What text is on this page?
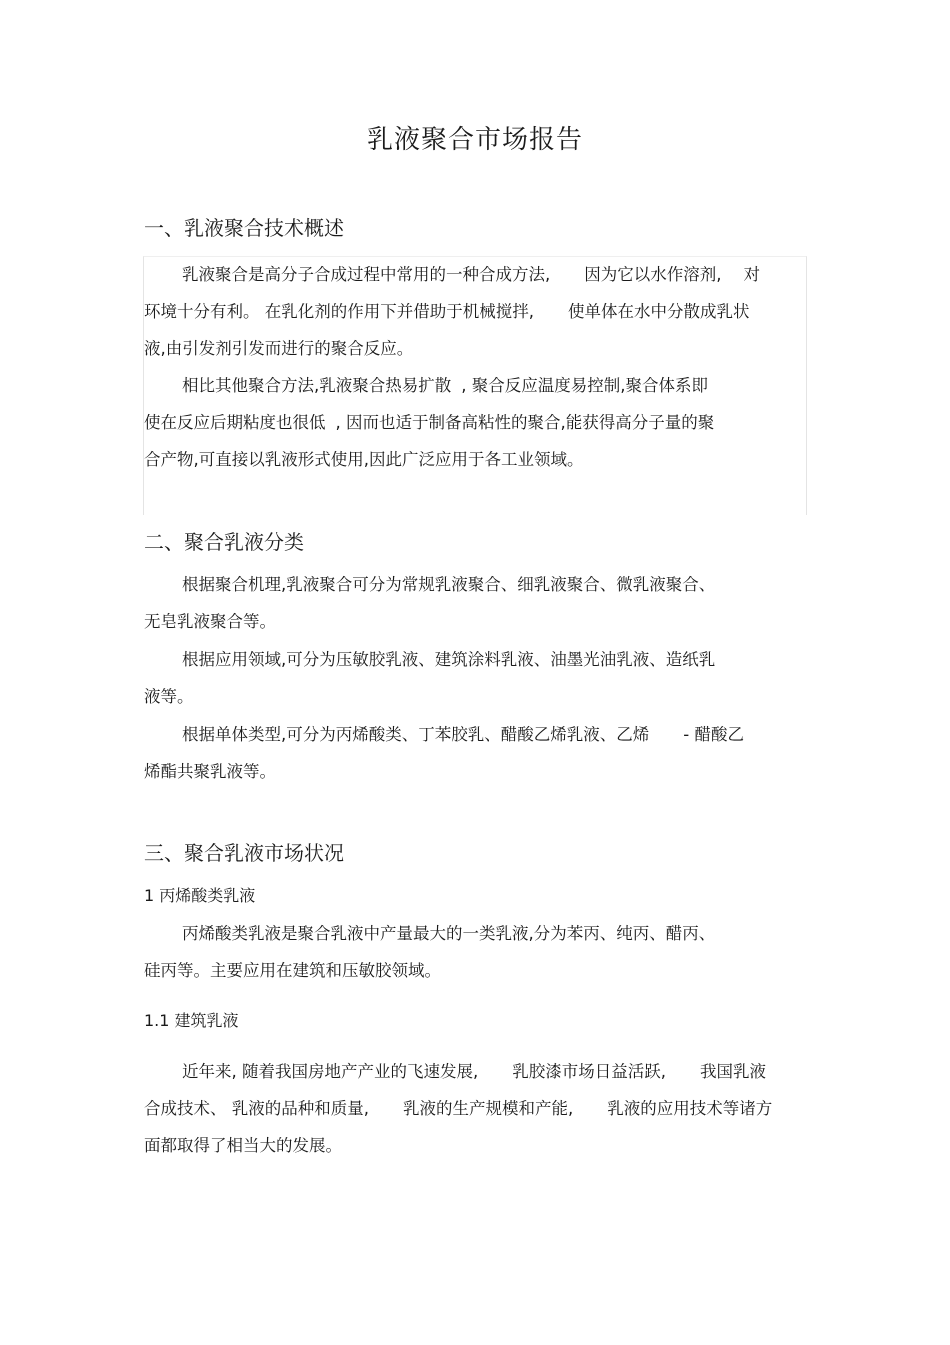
乳液聚合市场报告
一、乳液聚合技术概述
乳液聚合是高分子合成过程中常用的一种合成方法, 因为它以水作溶剂, 对
环境十分有利。 在乳化剂的作用下并借助于机械搅拌, 使单体在水中分散成乳状
液,由引发剂引发而进行的聚合反应。
相比其他聚合方法,乳液聚合热易扩散 , 聚合反应温度易控制,聚合体系即
使在反应后期粘度也很低 , 因而也适于制备高粘性的聚合,能获得高分子量的聚
合产物,可直接以乳液形式使用,因此广泛应用于各工业领域。
二、聚合乳液分类
根据聚合机理,乳液聚合可分为常规乳液聚合、细乳液聚合、微乳液聚合、
无皂乳液聚合等。
根据应用领域,可分为压敏胶乳液、建筑涂料乳液、油墨光油乳液、造纸乳
液等。
根据单体类型,可分为丙烯酸类、丁苯胶乳、醋酸乙烯乳液、乙烯 - 醋酸乙
烯酯共聚乳液等。
三、聚合乳液市场状况
1 丙烯酸类乳液
丙烯酸类乳液是聚合乳液中产量最大的一类乳液,分为苯丙、纯丙、醋丙、
硅丙等。主要应用在建筑和压敏胶领域。
1.1 建筑乳液
近年来, 随着我国房地产产业的飞速发展, 乳胶漆市场日益活跃, 我国乳液
合成技术、 乳液的品种和质量, 乳液的生产规模和产能, 乳液的应用技术等诸方
面都取得了相当大的发展。
